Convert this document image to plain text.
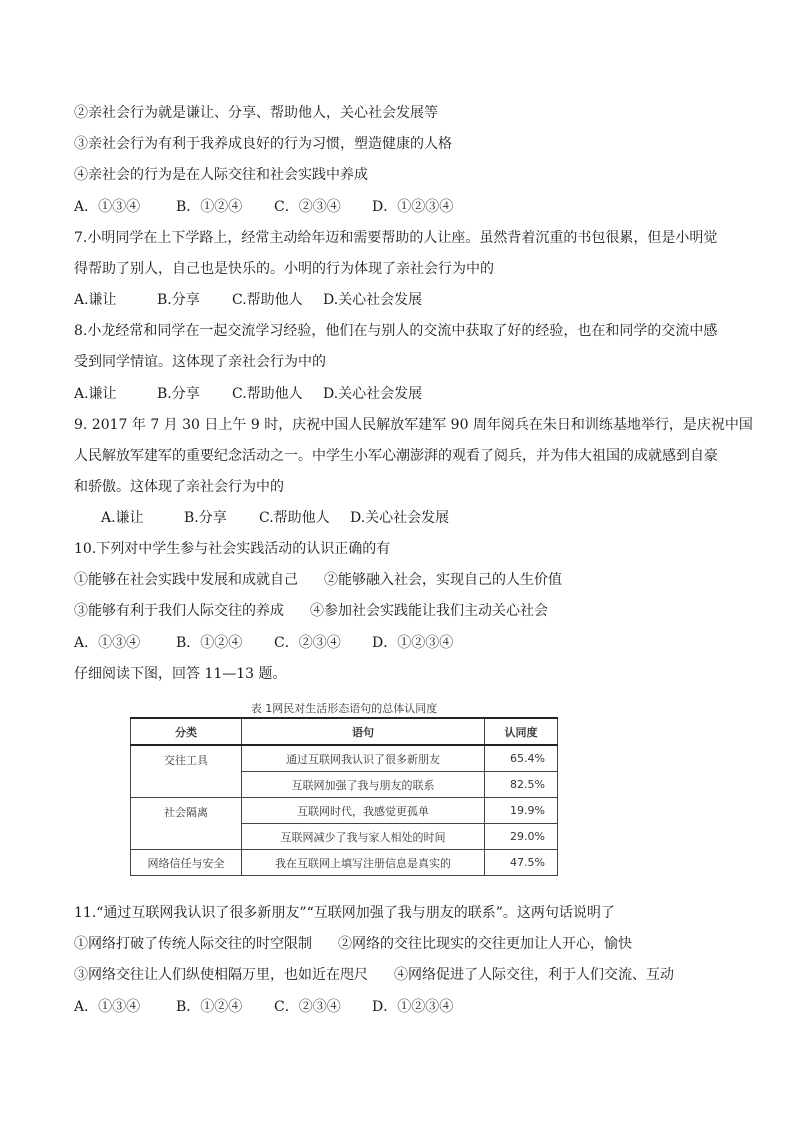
②亲社会行为就是谦让、分享、帮助他人，关心社会发展等
③亲社会行为有利于我养成良好的行为习惯，塑造健康的人格
④亲社会的行为是在人际交往和社会实践中养成
A．①③④	B．①②④ C．②③④ D．①②③④
7.小明同学在上下学路上，经常主动给年迈和需要帮助的人让座。虽然背着沉重的书包很累，但是小明觉
得帮助了别人，自己也是快乐的。小明的行为体现了亲社会行为中的
A.谦让	B.分享 C.帮助他人 D.关心社会发展
8.小龙经常和同学在一起交流学习经验，他们在与别人的交流中获取了好的经验，也在和同学的交流中感
受到同学情谊。这体现了亲社会行为中的
A.谦让	B.分享 C.帮助他人 D.关心社会发展
9. 2017 年 7 月 30 日上午 9 时，庆祝中国人民解放军建军 90 周年阅兵在朱日和训练基地举行，是庆祝中国
人民解放军建军的重要纪念活动之一。中学生小军心潮澎湃的观看了阅兵，并为伟大祖国的成就感到自豪
和骄傲。这体现了亲社会行为中的
A.谦让	B.分享 C.帮助他人 D.关心社会发展
10.下列对中学生参与社会实践活动的认识正确的有
①能够在社会实践中发展和成就自己 ②能够融入社会，实现自己的人生价值
③能够有利于我们人际交往的养成 ④参加社会实践能让我们主动关心社会
A．①③④	B．①②④ C．②③④ D．①②③④
仔细阅读下图，回答 11—13 题。
表 1网民对生活形态语句的总体认同度
分类	语句	认同度
交往工具	通过互联网我认识了很多新朋友	65.4%
	互联网加强了我与朋友的联系	82.5%
社会隔离	互联网时代，我感觉更孤单	19.9%
	互联网减少了我与家人相处的时间	29.0%
网络信任与安全	我在互联网上填写注册信息是真实的	47.5%
11.“通过互联网我认识了很多新朋友”“互联网加强了我与朋友的联系”。这两句话说明了
①网络打破了传统人际交往的时空限制 ②网络的交往比现实的交往更加让人开心，愉快
③网络交往让人们纵使相隔万里，也如近在咫尺 ④网络促进了人际交往，利于人们交流、互动
A．①③④	B．①②④ C．②③④ D．①②③④
